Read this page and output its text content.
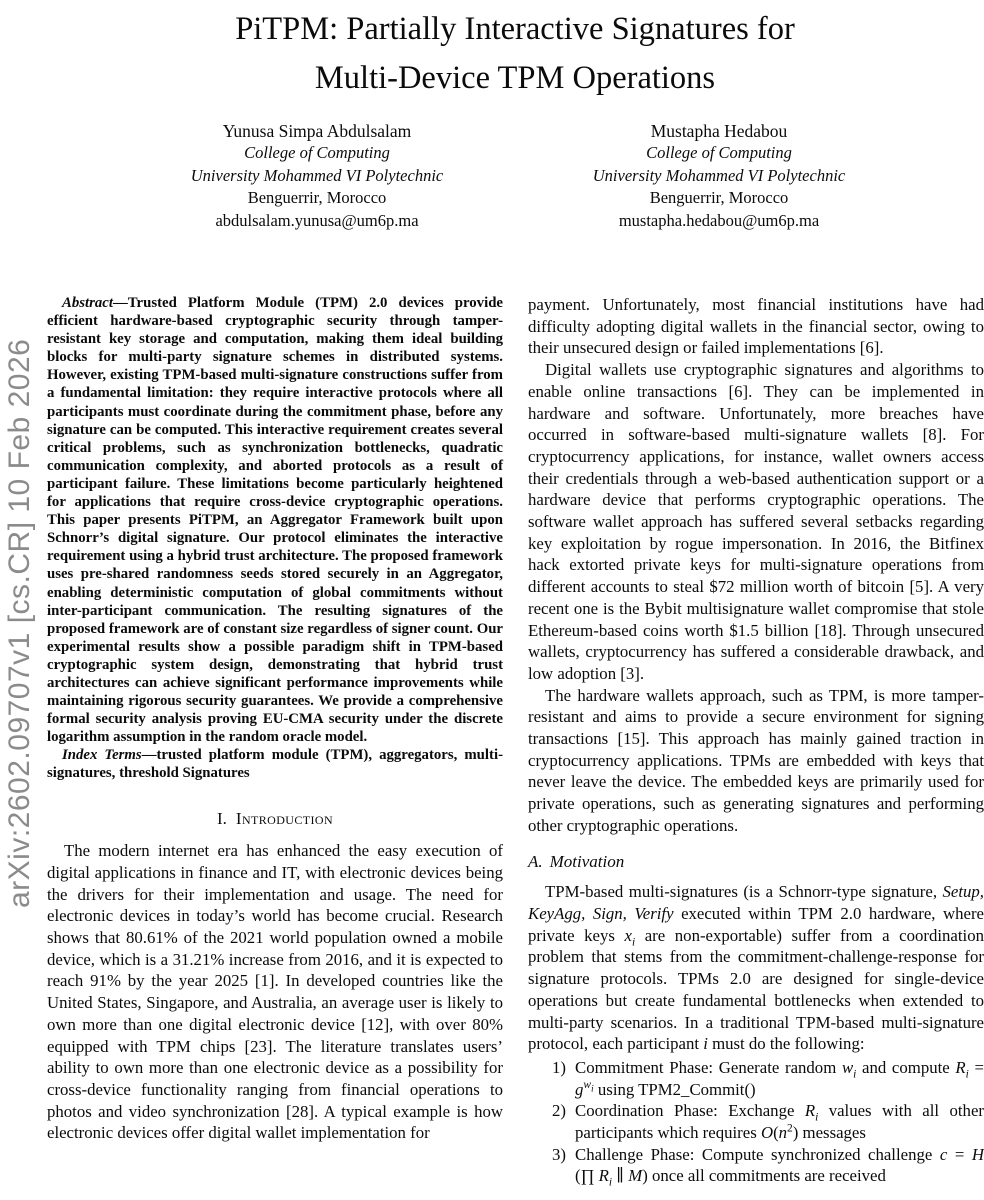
arXiv:2602.09707v1 [cs.CR] 10 Feb 2026
PiTPM: Partially Interactive Signatures for
Multi-Device TPM Operations
Yunusa Simpa Abdulsalam
College of Computing
University Mohammed VI Polytechnic
Benguerrir, Morocco
abdulsalam.yunusa@um6p.ma
Mustapha Hedabou
College of Computing
University Mohammed VI Polytechnic
Benguerrir, Morocco
mustapha.hedabou@um6p.ma

Abstract—Trusted Platform Module (TPM) 2.0 devices provide efficient hardware-based cryptographic security through tamper-resistant key storage and computation, making them ideal building blocks for multi-party signature schemes in distributed systems. However, existing TPM-based multi-signature constructions suffer from a fundamental limitation: they require interactive protocols where all participants must coordinate during the commitment phase, before any signature can be computed. This interactive requirement creates several critical problems, such as synchronization bottlenecks, quadratic communication complexity, and aborted protocols as a result of participant failure. These limitations become particularly heightened for applications that require cross-device cryptographic operations. This paper presents PiTPM, an Aggregator Framework built upon Schnorr’s digital signature. Our protocol eliminates the interactive requirement using a hybrid trust architecture. The proposed framework uses pre-shared randomness seeds stored securely in an Aggregator, enabling deterministic computation of global commitments without inter-participant communication. The resulting signatures of the proposed framework are of constant size regardless of signer count. Our experimental results show a possible paradigm shift in TPM-based cryptographic system design, demonstrating that hybrid trust architectures can achieve significant performance improvements while maintaining rigorous security guarantees. We provide a comprehensive formal security analysis proving EU-CMA security under the discrete logarithm assumption in the random oracle model.

Index Terms—trusted platform module (TPM), aggregators, multi-signatures, threshold Signatures

I. Introduction

The modern internet era has enhanced the easy execution of digital applications in finance and IT, with electronic devices being the drivers for their implementation and usage. The need for electronic devices in today’s world has become crucial. Research shows that 80.61% of the 2021 world population owned a mobile device, which is a 31.21% increase from 2016, and it is expected to reach 91% by the year 2025 [1]. In developed countries like the United States, Singapore, and Australia, an average user is likely to own more than one digital electronic device [12], with over 80% equipped with TPM chips [23]. The literature translates users’ ability to own more than one electronic device as a possibility for cross-device functionality ranging from financial operations to photos and video synchronization [28]. A typical example is how electronic devices offer digital wallet implementation for

payment. Unfortunately, most financial institutions have had difficulty adopting digital wallets in the financial sector, owing to their unsecured design or failed implementations [6].

Digital wallets use cryptographic signatures and algorithms to enable online transactions [6]. They can be implemented in hardware and software. Unfortunately, more breaches have occurred in software-based multi-signature wallets [8]. For cryptocurrency applications, for instance, wallet owners access their credentials through a web-based authentication support or a hardware device that performs cryptographic operations. The software wallet approach has suffered several setbacks regarding key exploitation by rogue impersonation. In 2016, the Bitfinex hack extorted private keys for multi-signature operations from different accounts to steal $72 million worth of bitcoin [5]. A very recent one is the Bybit multisignature wallet compromise that stole Ethereum-based coins worth $1.5 billion [18]. Through unsecured wallets, cryptocurrency has suffered a considerable drawback, and low adoption [3].

The hardware wallets approach, such as TPM, is more tamper-resistant and aims to provide a secure environment for signing transactions [15]. This approach has mainly gained traction in cryptocurrency applications. TPMs are embedded with keys that never leave the device. The embedded keys are primarily used for private operations, such as generating signatures and performing other cryptographic operations.

A. Motivation

TPM-based multi-signatures (is a Schnorr-type signature, Setup, KeyAgg, Sign, Verify executed within TPM 2.0 hardware, where private keys $x_i$ are non-exportable) suffer from a coordination problem that stems from the commitment-challenge-response for signature protocols. TPMs 2.0 are designed for single-device operations but create fundamental bottlenecks when extended to multi-party scenarios. In a traditional TPM-based multi-signature protocol, each participant i must do the following:

1) Commitment Phase: Generate random $w_i$ and compute $R_i = g^{w_i}$ using TPM2_Commit()
2) Coordination Phase: Exchange $R_i$ values with all other participants which requires $O(n^2)$ messages
3) Challenge Phase: Compute synchronized challenge c = H (∏ $R_i$ ∥ M) once all commitments are received
